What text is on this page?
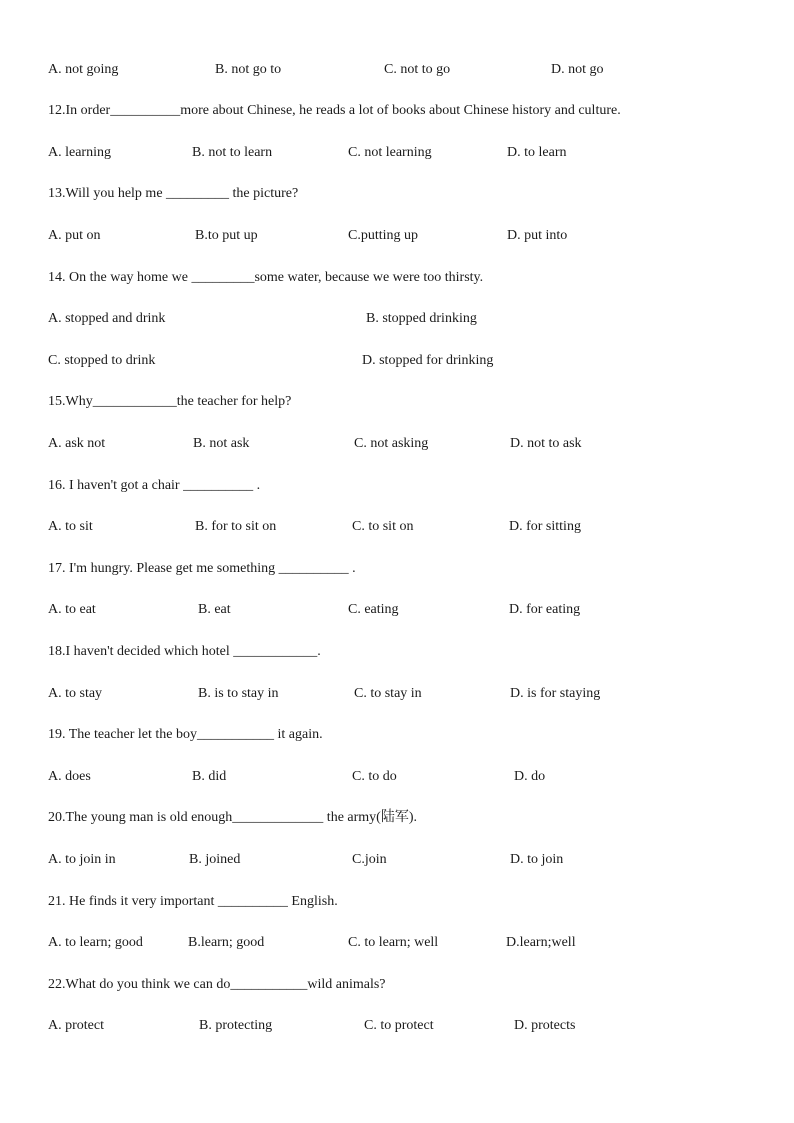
A. not going	B. not go to	C. not to go	D. not go
12.In order__________more about Chinese, he reads a lot of books about Chinese history and culture.
A. learning	B. not to learn	C. not learning	D. to learn
13.Will you help me _________ the picture?
A. put on	B.to put up	C.putting up	D. put into
14. On the way home we _________some water, because we were too thirsty.
A. stopped and drink	B. stopped drinking
C. stopped to drink	D. stopped for drinking
15.Why____________the teacher for help?
A. ask not	B. not ask	C. not asking	D. not to ask
16. I haven't got a chair __________ .
A. to sit	B. for to sit on	C. to sit on	D. for sitting
17. I'm hungry. Please get me something __________ .
A. to eat	B. eat	C. eating	D. for eating
18.I haven't decided which hotel ____________.
A. to stay	B. is to stay in	C. to stay in	D. is for staying
19. The teacher let the boy___________ it again.
A. does	B. did	C. to do	D. do
20.The young man is old enough_____________ the army(陆军).
A. to join in	B. joined	C.join	D. to join
21. He finds it very important __________ English.
A. to learn; good	B.learn; good	C. to learn; well	D.learn;well
22.What do you think we can do___________wild animals?
A. protect	B. protecting	C. to protect	D. protects
